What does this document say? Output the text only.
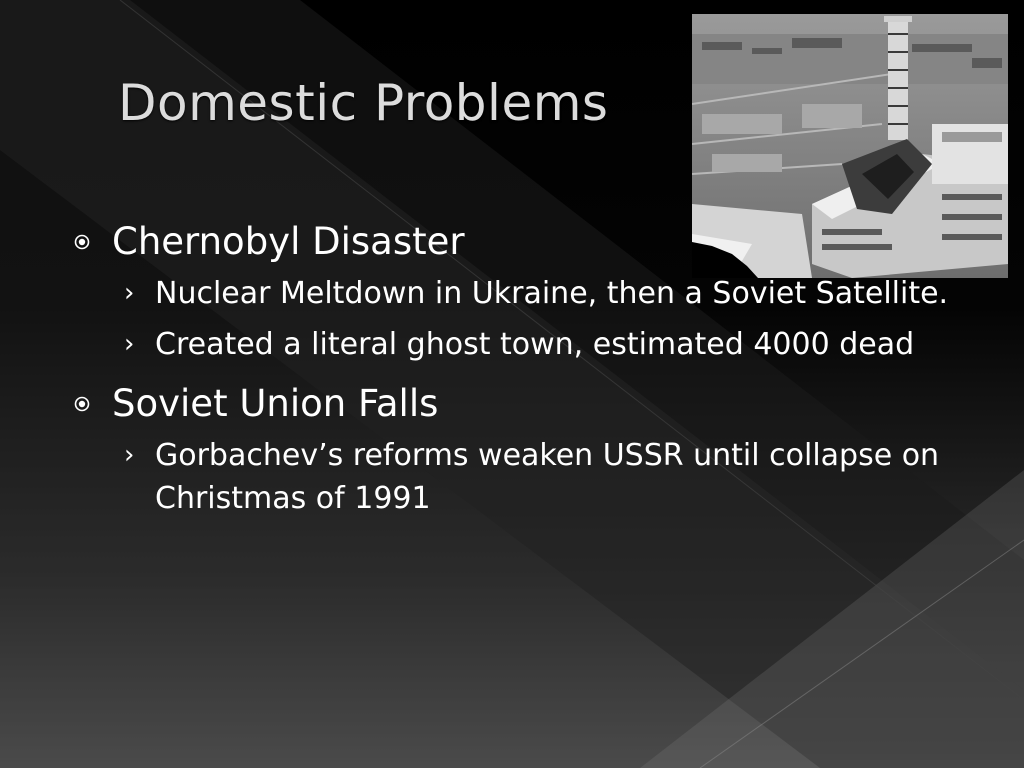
Domestic Problems
Chernobyl Disaster
› Nuclear Meltdown in Ukraine, then a Soviet Satellite.
› Created a literal ghost town, estimated 4000 dead
Soviet Union Falls
› Gorbachev’s reforms weaken USSR until collapse on Christmas of 1991
